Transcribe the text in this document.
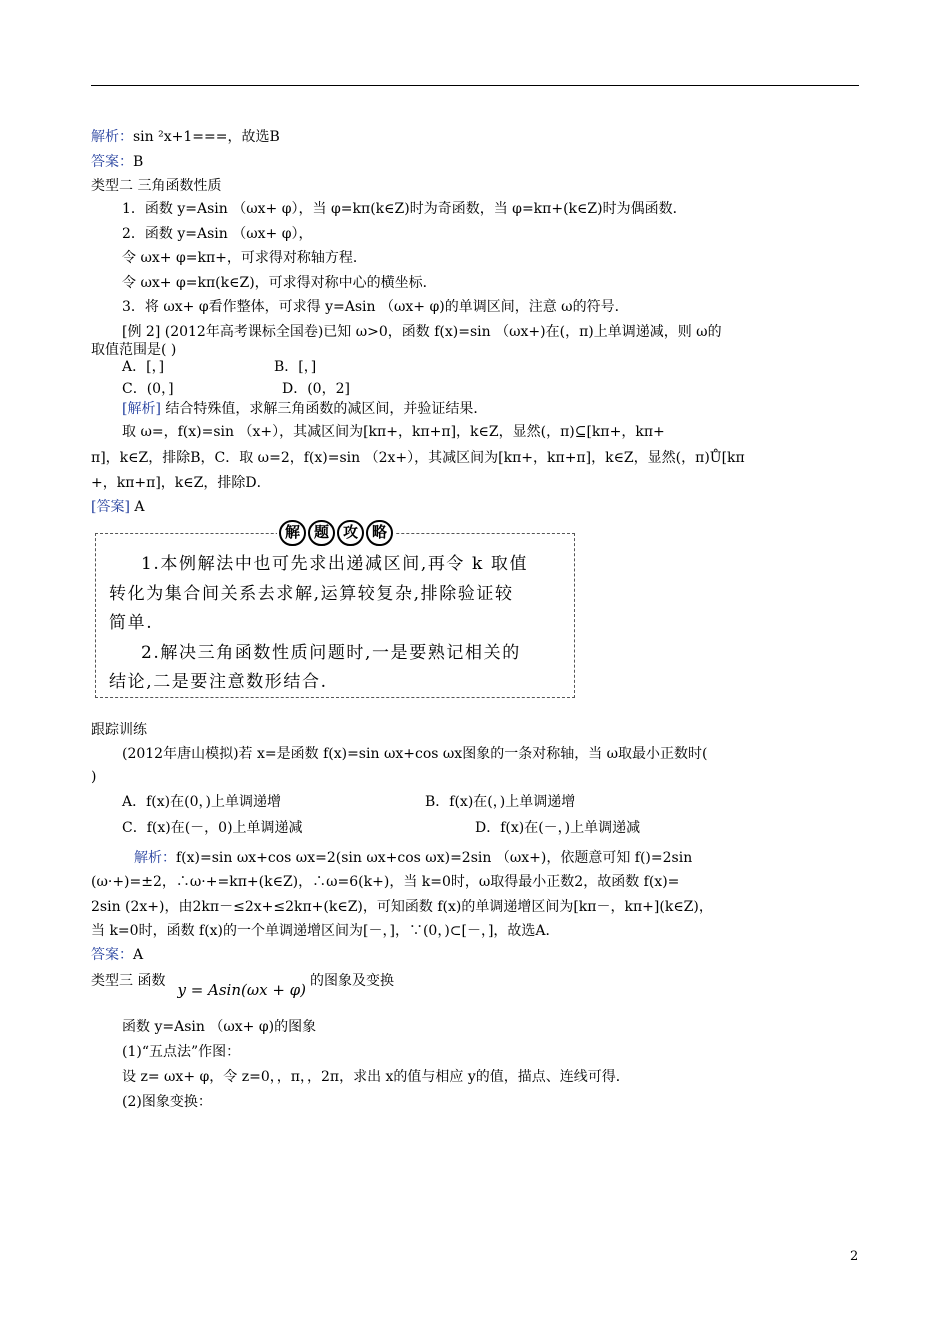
解析：sin ²x+1===，故选B
答案：B
类型二 三角函数性质
1．函数 y=Asin （ωx+ φ），当 φ=kπ(k∈Z)时为奇函数，当 φ=kπ+(k∈Z)时为偶函数．
2．函数 y=Asin （ωx+ φ），
令 ωx+ φ=kπ+，可求得对称轴方程．
令 ωx+ φ=kπ(k∈Z)，可求得对称中心的横坐标．
3．将 ωx+ φ看作整体，可求得 y=Asin （ωx+ φ)的单调区间，注意 ω的符号．
[例 2] (2012年高考课标全国卷)已知 ω>0，函数 f(x)=sin （ωx+)在(，π)上单调递减，则 ω的
取值范围是( )
A．[，]	B．[，]
C．(0，]	D．(0，2]
[解析] 结合特殊值，求解三角函数的减区间，并验证结果．
取 ω=，f(x)=sin （x+），其减区间为[kπ+，kπ+π]，k∈Z，显然(，π)⊆[kπ+，kπ+
π]，k∈Z，排除B，C．取 ω=2，f(x)=sin （2x+），其减区间为[kπ+，kπ+π]，k∈Z，显然(，π)Ů[kπ
+，kπ+π]，k∈Z，排除D．
[答案] A
1.本例解法中也可先求出递减区间,再令 k 取值
转化为集合间关系去求解,运算较复杂,排除验证较
简单.
2.解决三角函数性质问题时,一是要熟记相关的
结论,二是要注意数形结合.
解 题 攻 略
跟踪训练
(2012年唐山模拟)若 x=是函数 f(x)=sin ωx+cos ωx图象的一条对称轴，当 ω取最小正数时(
)
A．f(x)在(0，)上单调递增	B．f(x)在(，)上单调递增
C．f(x)在(－，0)上单调递减	D．f(x)在(－，)上单调递减
解析：f(x)=sin ωx+cos ωx=2(sin ωx+cos ωx)=2sin （ωx+)，依题意可知 f()=2sin
(ω·+)=±2，∴ω·+=kπ+(k∈Z)，∴ω=6(k+)，当 k=0时，ω取得最小正数2，故函数 f(x)=
2sin (2x+)，由2kπ－≤2x+≤2kπ+(k∈Z)，可知函数 f(x)的单调递增区间为[kπ－，kπ+](k∈Z)，
当 k=0时，函数 f(x)的一个单调递增区间为[－，]，∵(0，)⊂[－，]，故选A．
答案：A
类型三 函数 y = Asin(ωx + φ) 的图象及变换
函数 y=Asin （ωx+ φ)的图象
(1)“五点法”作图：
设 z= ωx+ φ，令 z=0，，π，，2π，求出 x的值与相应 y的值，描点、连线可得．
(2)图象变换：
2
